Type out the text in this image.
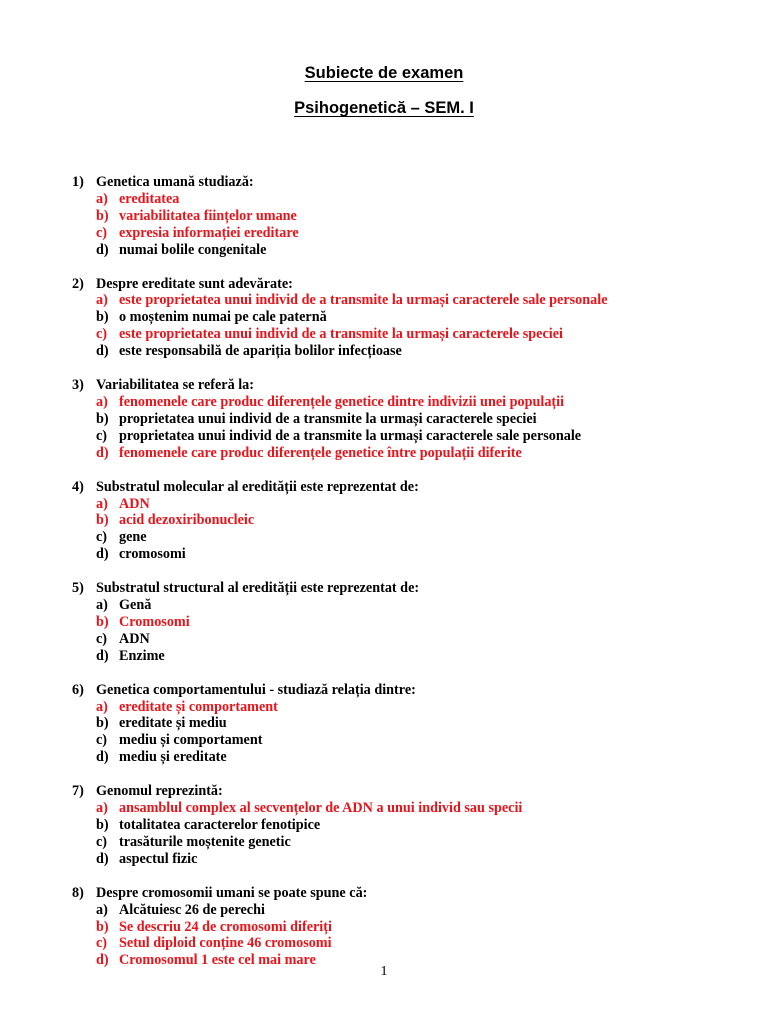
Subiecte de examen

Psihogenetică – SEM. I

1) Genetica umană studiază:
a) ereditatea
b) variabilitatea ființelor umane
c) expresia informației ereditare
d) numai bolile congenitale
2) Despre ereditate sunt adevărate:
a) este proprietatea unui individ de a transmite la urmași caracterele sale personale
b) o moștenim numai pe cale paternă
c) este proprietatea unui individ de a transmite la urmași caracterele speciei
d) este responsabilă de apariția bolilor infecțioase
3) Variabilitatea se referă la:
a) fenomenele care produc diferențele genetice dintre indivizii unei populații
b) proprietatea unui individ de a transmite la urmași caracterele speciei
c) proprietatea unui individ de a transmite la urmași caracterele sale personale
d) fenomenele care produc diferențele genetice între populații diferite
4) Substratul molecular al eredității este reprezentat de:
a) ADN
b) acid dezoxiribonucleic
c) gene
d) cromosomi
5) Substratul structural al eredității este reprezentat de:
a) Genă
b) Cromosomi
c) ADN
d) Enzime
6) Genetica comportamentului - studiază relația dintre:
a) ereditate și comportament
b) ereditate și mediu
c) mediu și comportament
d) mediu și ereditate
7) Genomul reprezintă:
a) ansamblul complex al secvențelor de ADN a unui individ sau specii
b) totalitatea caracterelor fenotipice
c) trasăturile moștenite genetic
d) aspectul fizic
8) Despre cromosomii umani se poate spune că:
a) Alcătuiesc 26 de perechi
b) Se descriu 24 de cromosomi diferiți
c) Setul diploid conține 46 cromosomi
d) Cromosomul 1 este cel mai mare
1
